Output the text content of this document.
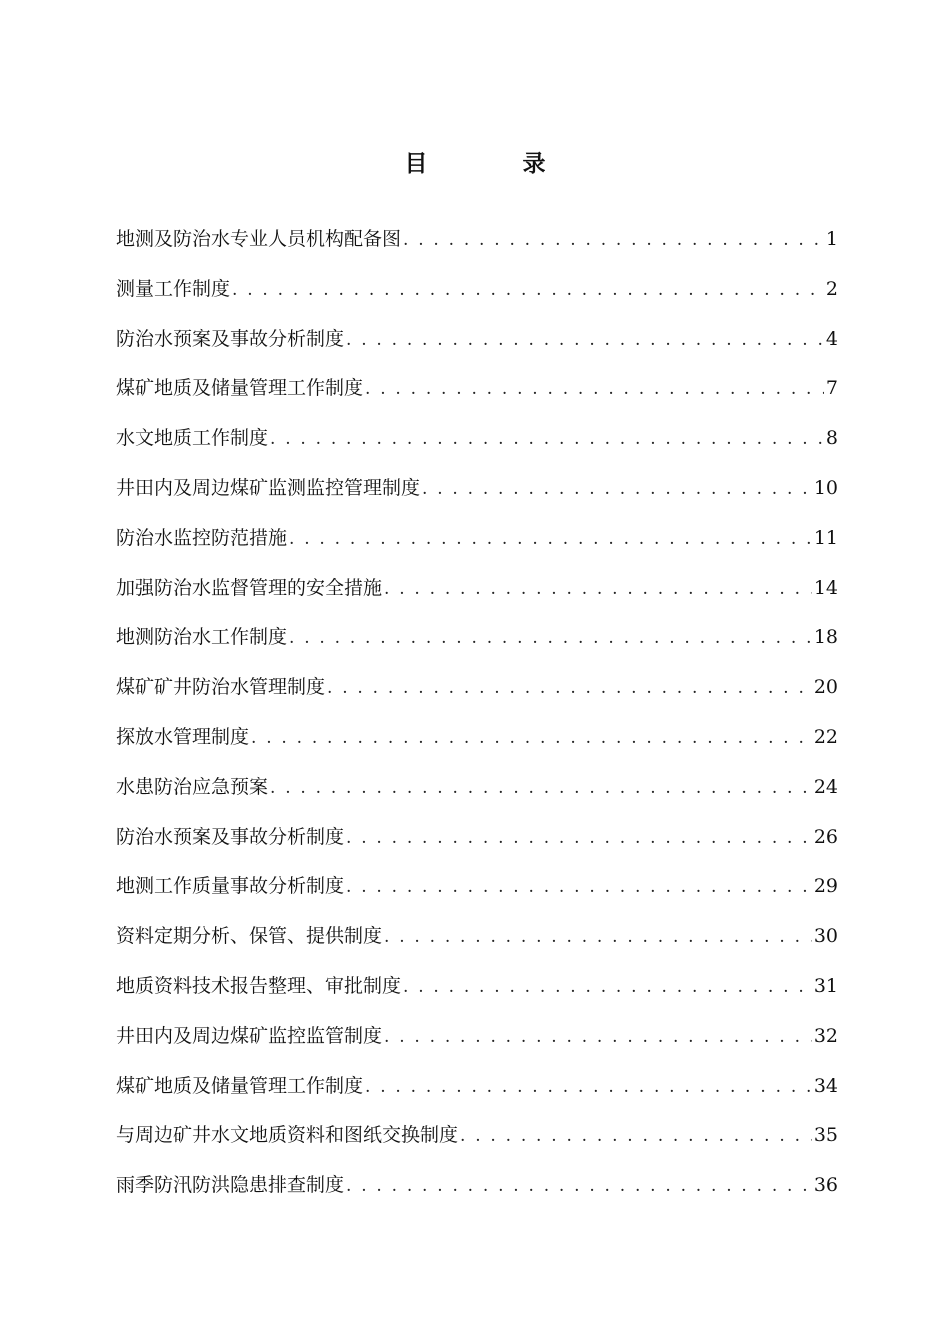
目　录
地测及防治水专业人员机构配备图 . . .	1
测量工作制度 . . .	2
防治水预案及事故分析制度 . . .	4
煤矿地质及储量管理工作制度 . . .	7
水文地质工作制度 . . .	8
井田内及周边煤矿监测监控管理制度 . . .	10
防治水监控防范措施 . . .	11
加强防治水监督管理的安全措施 . . .	14
地测防治水工作制度 . . .	18
煤矿矿井防治水管理制度 . . .	20
探放水管理制度 . . .	22
水患防治应急预案 . . .	24
防治水预案及事故分析制度 . . .	26
地测工作质量事故分析制度 . . .	29
资料定期分析、保管、提供制度 . . .	30
地质资料技术报告整理、审批制度 . . .	31
井田内及周边煤矿监控监管制度 . . .	32
煤矿地质及储量管理工作制度 . . .	34
与周边矿井水文地质资料和图纸交换制度 . . .	35
雨季防汛防洪隐患排查制度 . . .	36
